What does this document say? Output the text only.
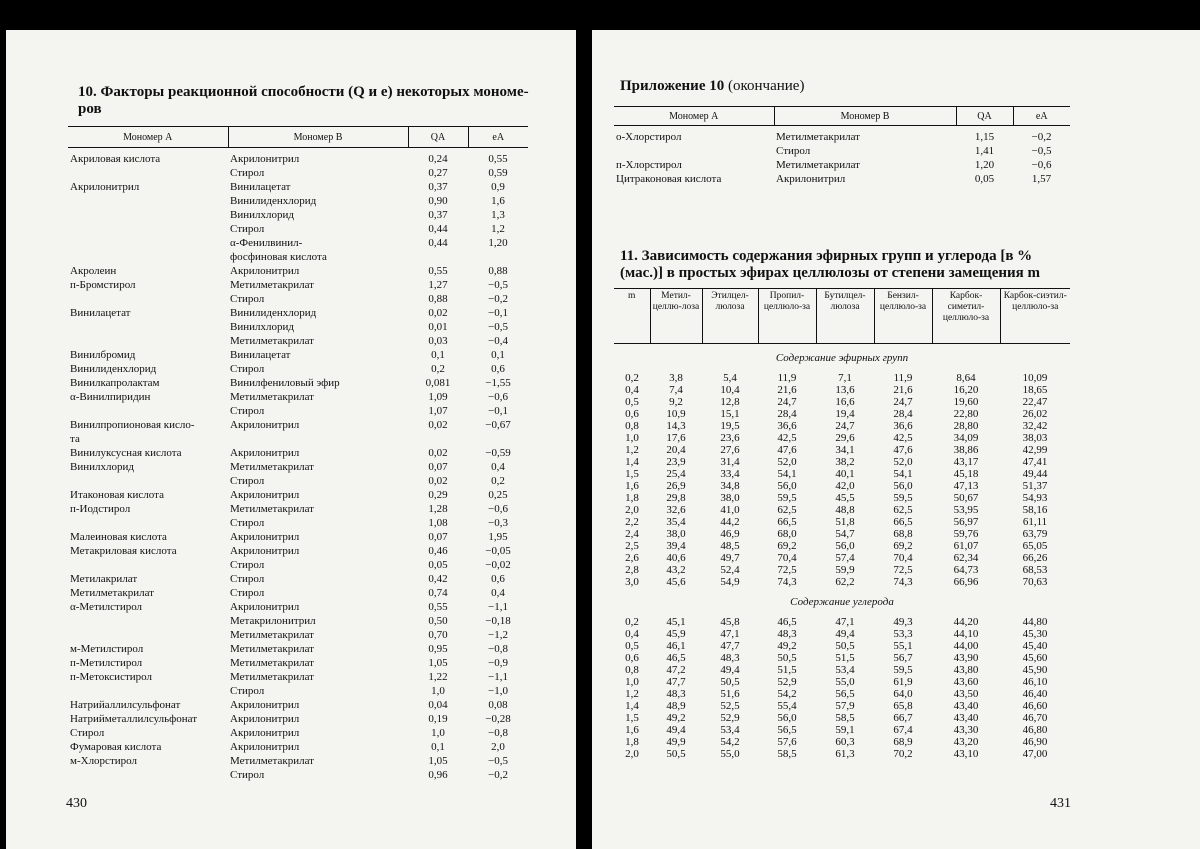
10. Факторы реакционной способности (Q и e) некоторых мономе-ров
Мономер А	Мономер В	QA	eA
Акриловая кислота	Акрилонитрил	0,24	0,55
	Стирол	0,27	0,59
Акрилонитрил	Винилацетат	0,37	0,9
	Винилиденхлорид	0,90	1,6
	Винилхлорид	0,37	1,3
	Стирол	0,44	1,2
	α-Фенилвинил-	0,44	1,20
	фосфиновая кислота		
Акролеин	Акрилонитрил	0,55	0,88
п-Бромстирол	Метилметакрилат	1,27	−0,5
	Стирол	0,88	−0,2
Винилацетат	Винилиденхлорид	0,02	−0,1
	Винилхлорид	0,01	−0,5
	Метилметакрилат	0,03	−0,4
Винилбромид	Винилацетат	0,1	0,1
Винилиденхлорид	Стирол	0,2	0,6
Винилкапролактам	Винилфениловый эфир	0,081	−1,55
α-Винилпиридин	Метилметакрилат	1,09	−0,6
	Стирол	1,07	−0,1
Винилпропионовая кисло-	Акрилонитрил	0,02	−0,67
та			
Винилуксусная кислота	Акрилонитрил	0,02	−0,59
Винилхлорид	Метилметакрилат	0,07	0,4
	Стирол	0,02	0,2
Итаконовая кислота	Акрилонитрил	0,29	0,25
п-Иодстирол	Метилметакрилат	1,28	−0,6
	Стирол	1,08	−0,3
Малеиновая кислота	Акрилонитрил	0,07	1,95
Метакриловая кислота	Акрилонитрил	0,46	−0,05
	Стирол	0,05	−0,02
Метилакрилат	Стирол	0,42	0,6
Метилметакрилат	Стирол	0,74	0,4
α-Метилстирол	Акрилонитрил	0,55	−1,1
	Метакрилонитрил	0,50	−0,18
	Метилметакрилат	0,70	−1,2
м-Метилстирол	Метилметакрилат	0,95	−0,8
п-Метилстирол	Метилметакрилат	1,05	−0,9
п-Метоксистирол	Метилметакрилат	1,22	−1,1
	Стирол	1,0	−1,0
Натрийаллилсульфонат	Акрилонитрил	0,04	0,08
Натрийметаллилсульфонат	Акрилонитрил	0,19	−0,28
Стирол	Акрилонитрил	1,0	−0,8
Фумаровая кислота	Акрилонитрил	0,1	2,0
м-Хлорстирол	Метилметакрилат	1,05	−0,5
	Стирол	0,96	−0,2
430
Приложение 10 (окончание)
Мономер А	Мономер В	QA	eA
о-Хлорстирол	Метилметакрилат	1,15	−0,2
	Стирол	1,41	−0,5
п-Хлорстирол	Метилметакрилат	1,20	−0,6
Цитраконовая кислота	Акрилонитрил	0,05	1,57
11. Зависимость содержания эфирных групп и углерода [в % (мас.)] в простых эфирах целлюлозы от степени замещения m
m	Метил-целлю-лоза	Этилцел-люлоза	Пропил-целлюло-за	Бутилцел-люлоза	Бензил-целлюло-за	Карбок-симетил-целлюло-за	Карбок-сиэтил-целлюло-за
Содержание эфирных групп							
0,2	3,8	5,4	11,9	7,1	11,9	8,64	10,09
0,4	7,4	10,4	21,6	13,6	21,6	16,20	18,65
0,5	9,2	12,8	24,7	16,6	24,7	19,60	22,47
0,6	10,9	15,1	28,4	19,4	28,4	22,80	26,02
0,8	14,3	19,5	36,6	24,7	36,6	28,80	32,42
1,0	17,6	23,6	42,5	29,6	42,5	34,09	38,03
1,2	20,4	27,6	47,6	34,1	47,6	38,86	42,99
1,4	23,9	31,4	52,0	38,2	52,0	43,17	47,41
1,5	25,4	33,4	54,1	40,1	54,1	45,18	49,44
1,6	26,9	34,8	56,0	42,0	56,0	47,13	51,37
1,8	29,8	38,0	59,5	45,5	59,5	50,67	54,93
2,0	32,6	41,0	62,5	48,8	62,5	53,95	58,16
2,2	35,4	44,2	66,5	51,8	66,5	56,97	61,11
2,4	38,0	46,9	68,0	54,7	68,8	59,76	63,79
2,5	39,4	48,5	69,2	56,0	69,2	61,07	65,05
2,6	40,6	49,7	70,4	57,4	70,4	62,34	66,26
2,8	43,2	52,4	72,5	59,9	72,5	64,73	68,53
3,0	45,6	54,9	74,3	62,2	74,3	66,96	70,63
Содержание углерода							
0,2	45,1	45,8	46,5	47,1	49,3	44,20	44,80
0,4	45,9	47,1	48,3	49,4	53,3	44,10	45,30
0,5	46,1	47,7	49,2	50,5	55,1	44,00	45,40
0,6	46,5	48,3	50,5	51,5	56,7	43,90	45,60
0,8	47,2	49,4	51,5	53,4	59,5	43,80	45,90
1,0	47,7	50,5	52,9	55,0	61,9	43,60	46,10
1,2	48,3	51,6	54,2	56,5	64,0	43,50	46,40
1,4	48,9	52,5	55,4	57,9	65,8	43,40	46,60
1,5	49,2	52,9	56,0	58,5	66,7	43,40	46,70
1,6	49,4	53,4	56,5	59,1	67,4	43,30	46,80
1,8	49,9	54,2	57,6	60,3	68,9	43,20	46,90
2,0	50,5	55,0	58,5	61,3	70,2	43,10	47,00
431
